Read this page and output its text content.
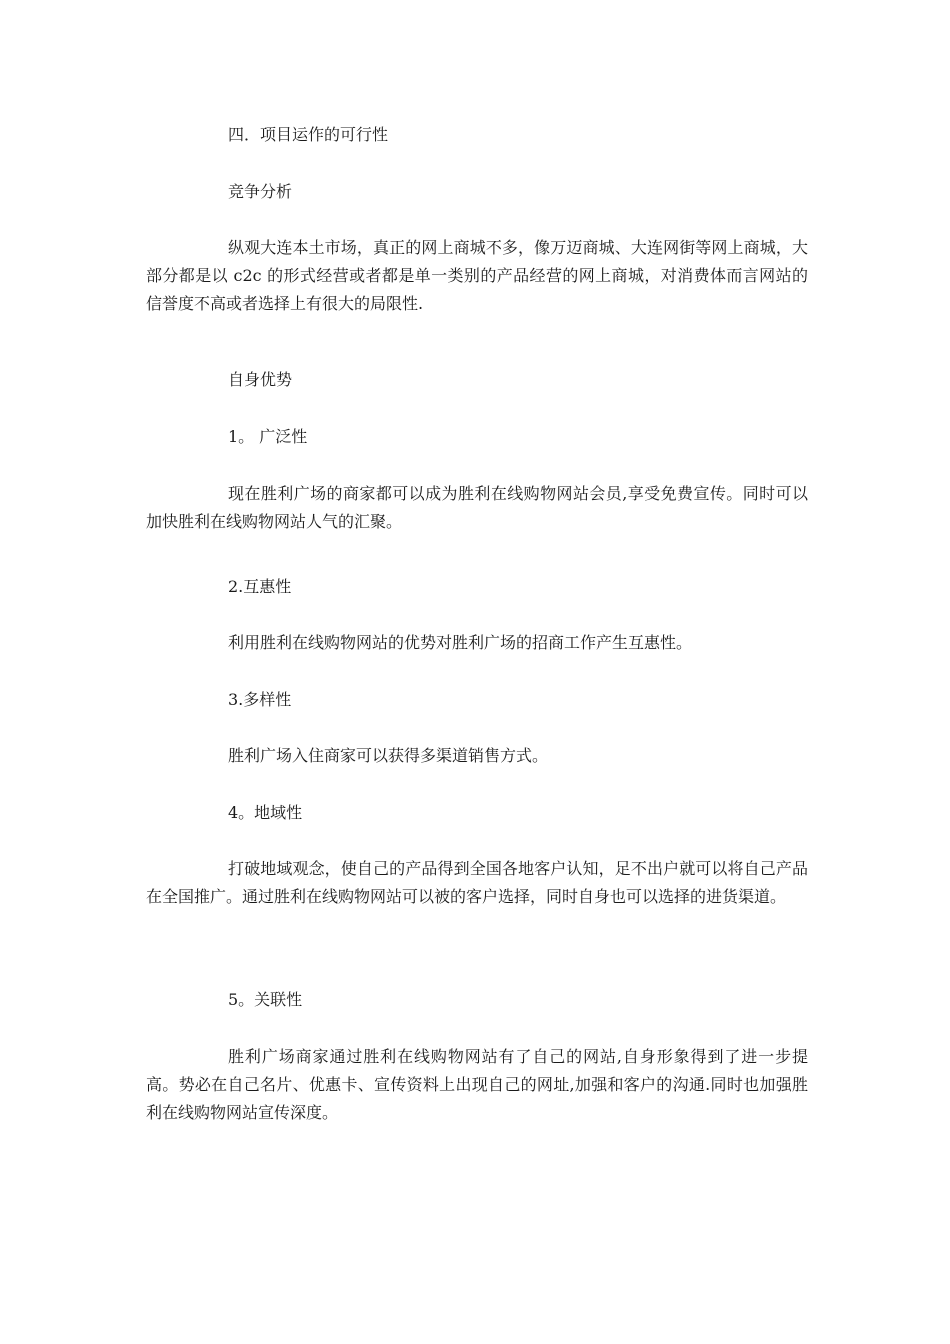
四．项目运作的可行性

竞争分析

纵观大连本土市场，真正的网上商城不多，像万迈商城、大连网街等网上商城，大部分都是以 c2c 的形式经营或者都是单一类别的产品经营的网上商城，对消费体而言网站的信誉度不高或者选择上有很大的局限性.

自身优势

1。 广泛性

现在胜利广场的商家都可以成为胜利在线购物网站会员,享受免费宣传。同时可以加快胜利在线购物网站人气的汇聚。

2.互惠性

利用胜利在线购物网站的优势对胜利广场的招商工作产生互惠性。

3.多样性

胜利广场入住商家可以获得多渠道销售方式。

4。地域性

打破地域观念，使自己的产品得到全国各地客户认知，足不出户就可以将自己产品在全国推广。通过胜利在线购物网站可以被的客户选择，同时自身也可以选择的进货渠道。

5。关联性

胜利广场商家通过胜利在线购物网站有了自己的网站,自身形象得到了进一步提高。势必在自己名片、优惠卡、宣传资料上出现自己的网址,加强和客户的沟通.同时也加强胜利在线购物网站宣传深度。
